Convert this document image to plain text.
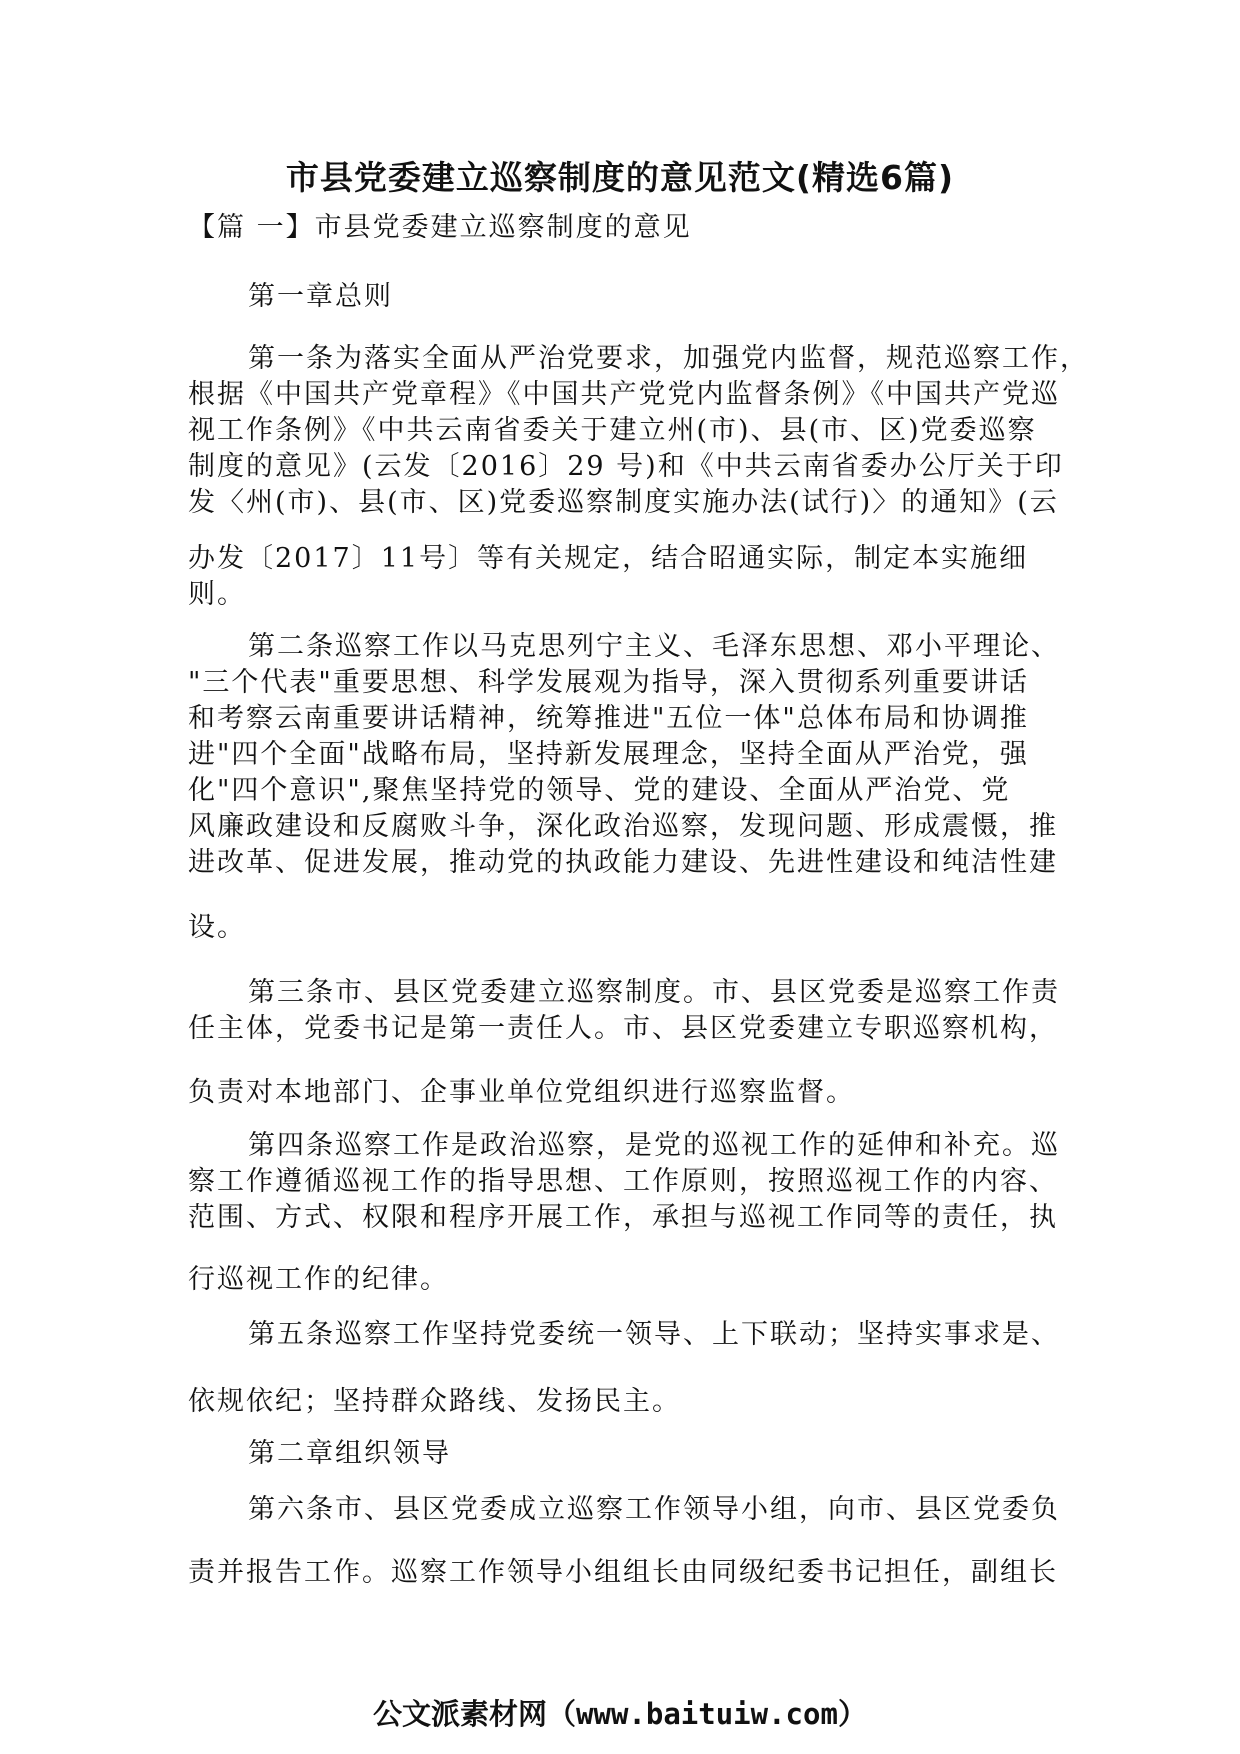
市县党委建立巡察制度的意见范文(精选6篇)
【篇 一】市县党委建立巡察制度的意见
第一章总则
第一条为落实全面从严治党要求，加强党内监督，规范巡察工作，
根据《中国共产党章程》《中国共产党党内监督条例》《中国共产党巡
视工作条例》《中共云南省委关于建立州(市)、县(市、区)党委巡察
制度的意见》(云发〔2016〕29 号)和《中共云南省委办公厅关于印
发〈州(市)、县(市、区)党委巡察制度实施办法(试行)〉的通知》(云
办发〔2017〕11号〕等有关规定，结合昭通实际，制定本实施细
则。
第二条巡察工作以马克思列宁主义、毛泽东思想、邓小平理论、
"三个代表"重要思想、科学发展观为指导，深入贯彻系列重要讲话
和考察云南重要讲话精神，统筹推进"五位一体"总体布局和协调推
进"四个全面"战略布局，坚持新发展理念，坚持全面从严治党，强
化"四个意识",聚焦坚持党的领导、党的建设、全面从严治党、党
风廉政建设和反腐败斗争，深化政治巡察，发现问题、形成震慑，推
进改革、促进发展，推动党的执政能力建设、先进性建设和纯洁性建
设。
第三条市、县区党委建立巡察制度。市、县区党委是巡察工作责
任主体，党委书记是第一责任人。市、县区党委建立专职巡察机构，
负责对本地部门、企事业单位党组织进行巡察监督。
第四条巡察工作是政治巡察，是党的巡视工作的延伸和补充。巡
察工作遵循巡视工作的指导思想、工作原则，按照巡视工作的内容、
范围、方式、权限和程序开展工作，承担与巡视工作同等的责任，执
行巡视工作的纪律。
第五条巡察工作坚持党委统一领导、上下联动；坚持实事求是、
依规依纪；坚持群众路线、发扬民主。
第二章组织领导
第六条市、县区党委成立巡察工作领导小组，向市、县区党委负
责并报告工作。巡察工作领导小组组长由同级纪委书记担任，副组长
公文派素材网（www.baituiw.com）
